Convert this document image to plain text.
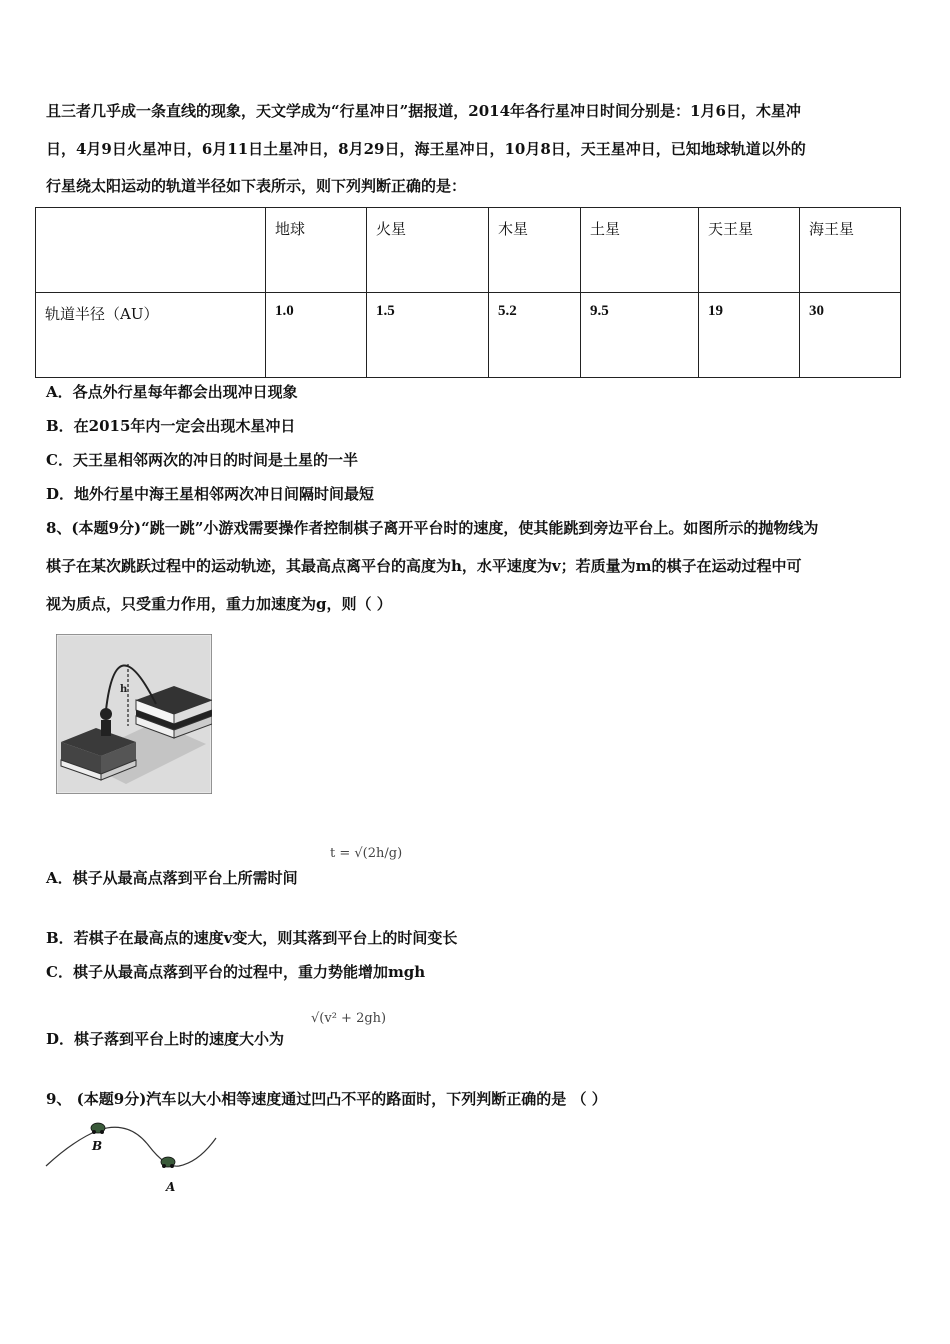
且三者几乎成一条直线的现象，天文学成为“行星冲日”据报道，2014年各行星冲日时间分别是：1月6日，木星冲
日，4月9日火星冲日，6月11日土星冲日，8月29日，海王星冲日，10月8日，天王星冲日，已知地球轨道以外的
行星绕太阳运动的轨道半径如下表所示，则下列判断正确的是：
	地球	火星	木星	土星	天王星	海王星
轨道半径（AU）	1.0	1.5	5.2	9.5	19	30
A．各点外行星每年都会出现冲日现象
B．在2015年内一定会出现木星冲日
C．天王星相邻两次的冲日的时间是土星的一半
D．地外行星中海王星相邻两次冲日间隔时间最短
8、(本题9分)“跳一跳”小游戏需要操作者控制棋子离开平台时的速度，使其能跳到旁边平台上。如图所示的抛物线为
棋子在某次跳跃过程中的运动轨迹，其最高点离平台的高度为h，水平速度为v；若质量为m的棋子在运动过程中可
视为质点，只受重力作用，重力加速度为g，则（ ）
h
A．棋子从最高点落到平台上所需时间
t = √(2h/g)
B．若棋子在最高点的速度v变大，则其落到平台上的时间变长
C．棋子从最高点落到平台的过程中，重力势能增加mgh
D．棋子落到平台上时的速度大小为
√(v² + 2gh)
9、 (本题9分)汽车以大小相等速度通过凹凸不平的路面时，下列判断正确的是 （ ）
B
A
